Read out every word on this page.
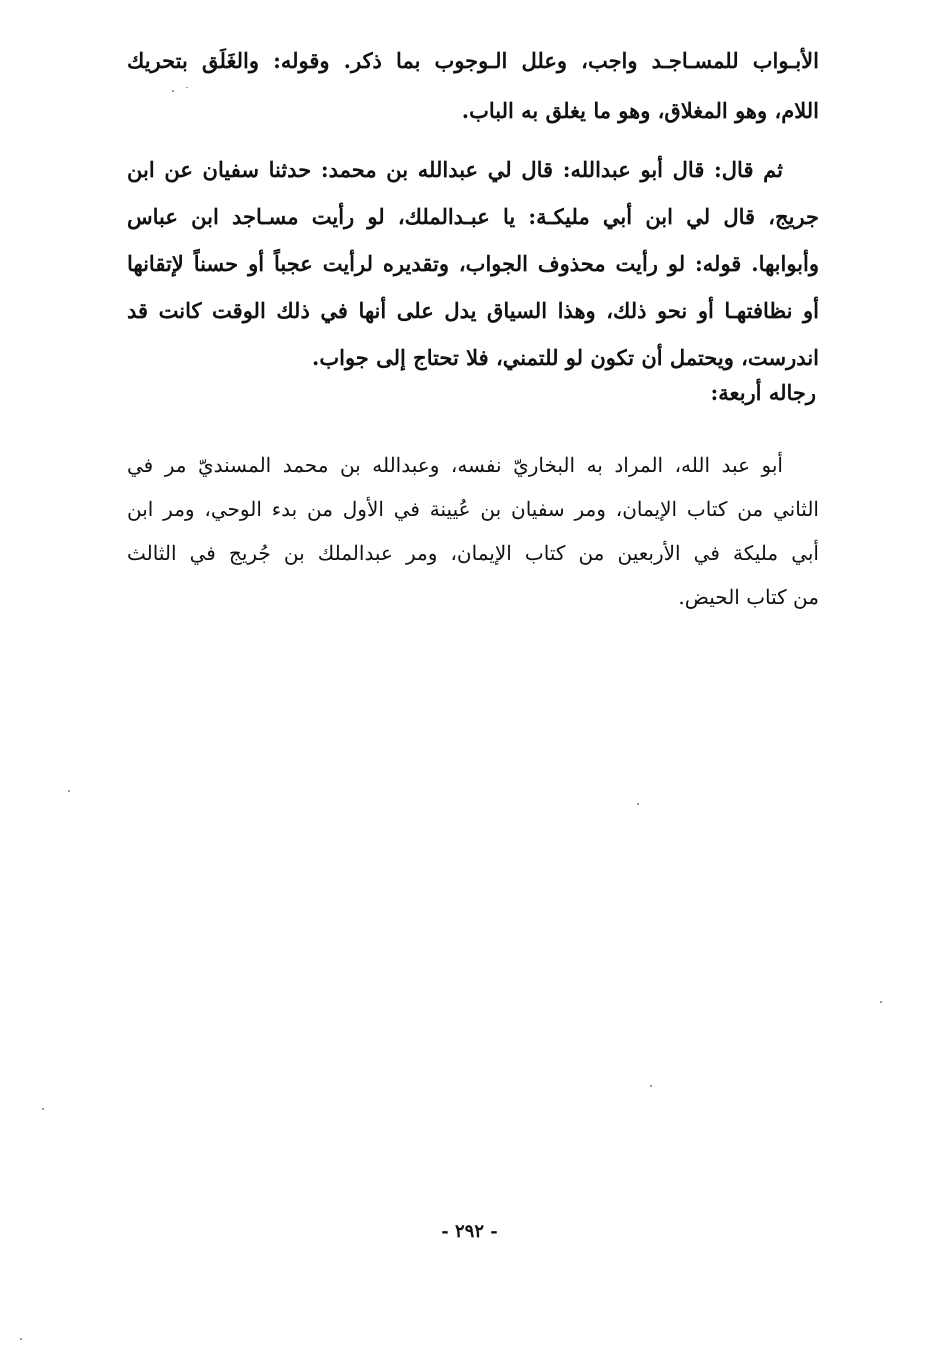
الأبـواب للمسـاجـد واجب، وعلل الـوجوب بما ذكر. وقوله: والغَلَق بتحريك
اللام، وهو المغلاق، وهو ما يغلق به الباب.
ثم قال: قال أبو عبدالله: قال لي عبدالله بن محمد: حدثنا سفيان عن ابن
جريج، قال لي ابن أبي مليكـة: يا عبـدالملك، لو رأيت مسـاجد ابن عباس
وأبوابها. قوله: لو رأيت محذوف الجواب، وتقديره لرأيت عجباً أو حسناً لإتقانها
أو نظافتهـا أو نحو ذلك، وهذا السياق يدل على أنها في ذلك الوقت كانت قد
اندرست، ويحتمل أن تكون لو للتمني، فلا تحتاج إلى جواب.
رجاله أربعة:
أبو عبد الله، المراد به البخاريّ نفسه، وعبدالله بن محمد المسنديّ مر في
الثاني من كتاب الإيمان، ومر سفيان بن عُيينة في الأول من بدء الوحي، ومر ابن
أبي مليكة في الأربعين من كتاب الإيمان، ومر عبدالملك بن جُريج في الثالث
من كتاب الحيض.
- ٢٩٢ -
